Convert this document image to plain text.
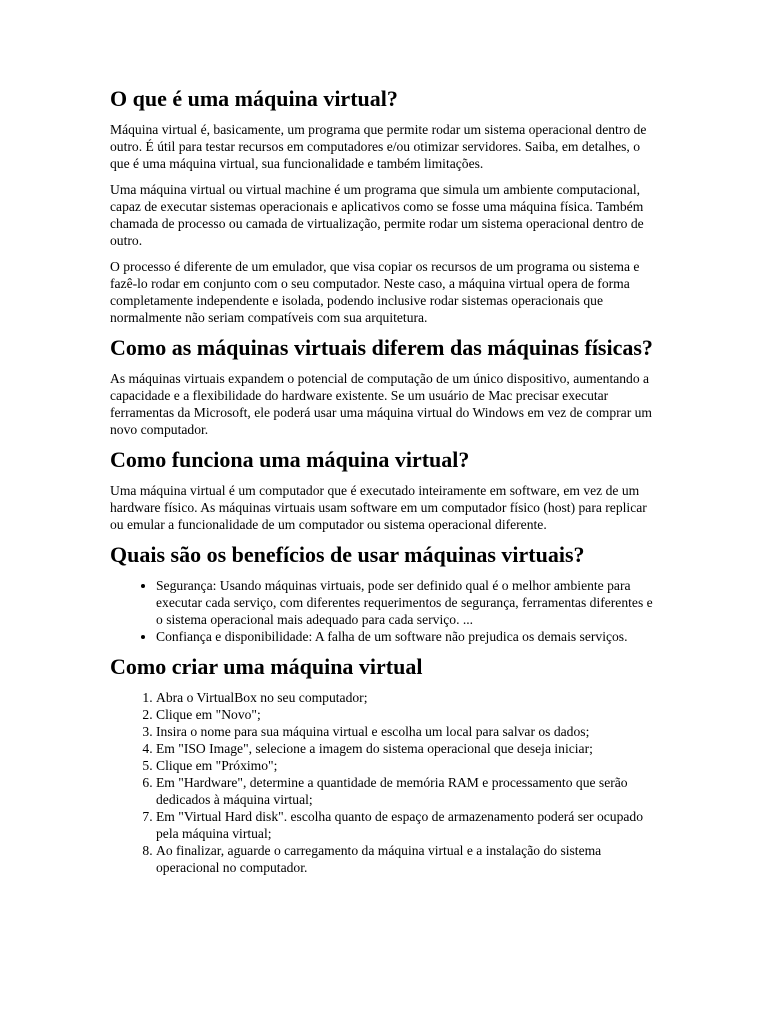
O que é uma máquina virtual?

Máquina virtual é, basicamente, um programa que permite rodar um sistema operacional dentro de outro. É útil para testar recursos em computadores e/ou otimizar servidores. Saiba, em detalhes, o que é uma máquina virtual, sua funcionalidade e também limitações.

Uma máquina virtual ou virtual machine é um programa que simula um ambiente computacional, capaz de executar sistemas operacionais e aplicativos como se fosse uma máquina física. Também chamada de processo ou camada de virtualização, permite rodar um sistema operacional dentro de outro.

O processo é diferente de um emulador, que visa copiar os recursos de um programa ou sistema e fazê-lo rodar em conjunto com o seu computador. Neste caso, a máquina virtual opera de forma completamente independente e isolada, podendo inclusive rodar sistemas operacionais que normalmente não seriam compatíveis com sua arquitetura.

Como as máquinas virtuais diferem das máquinas físicas?

As máquinas virtuais expandem o potencial de computação de um único dispositivo, aumentando a capacidade e a flexibilidade do hardware existente. Se um usuário de Mac precisar executar ferramentas da Microsoft, ele poderá usar uma máquina virtual do Windows em vez de comprar um novo computador.

Como funciona uma máquina virtual?

Uma máquina virtual é um computador que é executado inteiramente em software, em vez de um hardware físico. As máquinas virtuais usam software em um computador físico (host) para replicar ou emular a funcionalidade de um computador ou sistema operacional diferente.

Quais são os benefícios de usar máquinas virtuais?
• Segurança: Usando máquinas virtuais, pode ser definido qual é o melhor ambiente para executar cada serviço, com diferentes requerimentos de segurança, ferramentas diferentes e o sistema operacional mais adequado para cada serviço. ...
• Confiança e disponibilidade: A falha de um software não prejudica os demais serviços.
Como criar uma máquina virtual
1. Abra o VirtualBox no seu computador;
2. Clique em "Novo";
3. Insira o nome para sua máquina virtual e escolha um local para salvar os dados;
4. Em "ISO Image", selecione a imagem do sistema operacional que deseja iniciar;
5. Clique em "Próximo";
6. Em "Hardware", determine a quantidade de memória RAM e processamento que serão dedicados à máquina virtual;
7. Em "Virtual Hard disk". escolha quanto de espaço de armazenamento poderá ser ocupado pela máquina virtual;
8. Ao finalizar, aguarde o carregamento da máquina virtual e a instalação do sistema operacional no computador.
